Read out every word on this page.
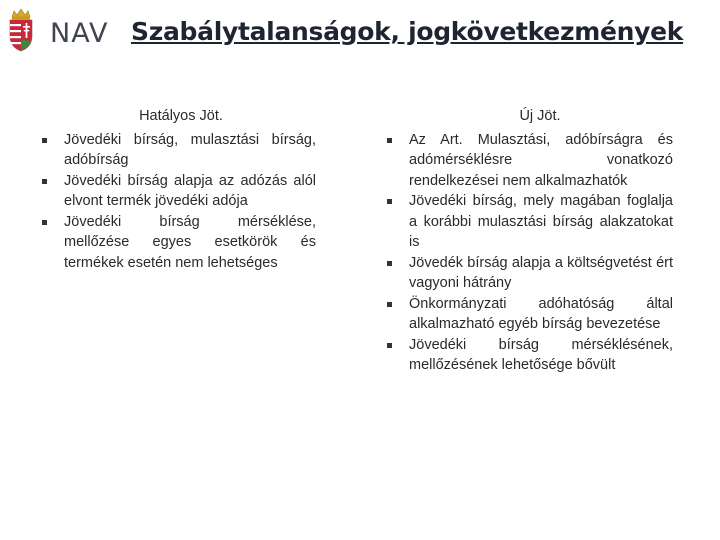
NAV Szabálytalanságok, jogkövetkezmények
Hatályos Jöt.
Jövedéki bírság, mulasztási bírság, adóbírság
Jövedéki bírság alapja az adózás alól elvont termék jövedéki adója
Jövedéki bírság mérséklése, mellőzése egyes esetkörök és termékek esetén nem lehetséges
Új Jöt.
Az Art. Mulasztási, adóbírságra és adómérséklésre vonatkozó rendelkezései nem alkalmazhatók
Jövedéki bírság, mely magában foglalja a korábbi mulasztási bírság alakzatokat is
Jövedék bírság alapja a költségvetést ért vagyoni hátrány
Önkormányzati adóhatóság által alkalmazható egyéb bírság bevezetése
Jövedéki bírság mérséklésének, mellőzésének lehetősége bővült
